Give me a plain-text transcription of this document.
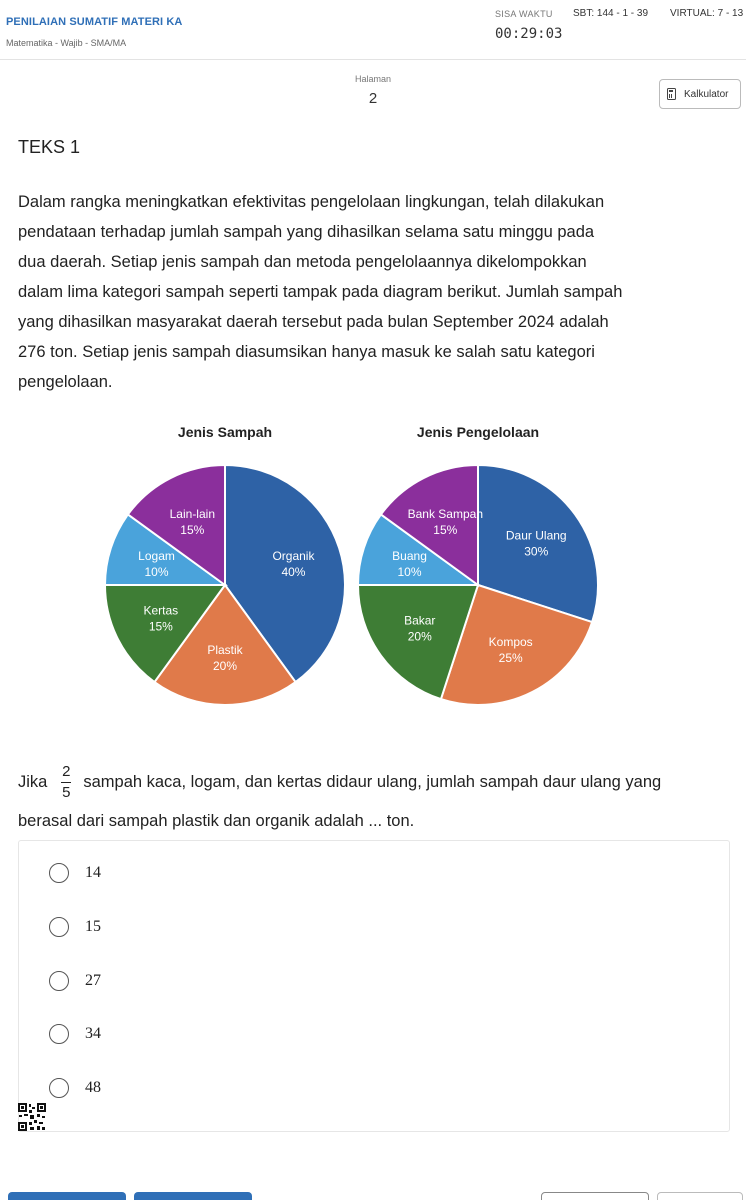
PENILAIAN SUMATIF MATERI KA
Matematika - Wajib - SMA/MA
SISA WAKTU
00:29:03
SBT: 144 - 1 - 39 VIRTUAL: 7 - 13
Halaman
2	Kalkulator
TEKS 1
Dalam rangka meningkatkan efektivitas pengelolaan lingkungan, telah dilakukan
pendataan terhadap jumlah sampah yang dihasilkan selama satu minggu pada
dua daerah. Setiap jenis sampah dan metoda pengelolaannya dikelompokkan
dalam lima kategori sampah seperti tampak pada diagram berikut. Jumlah sampah
yang dihasilkan masyarakat daerah tersebut pada bulan September 2024 adalah
276 ton. Setiap jenis sampah diasumsikan hanya masuk ke salah satu kategori
pengelolaan.
Jenis Sampah
Organik
40%
Plastik
20%
Kertas
15%
Logam
10%
Lain-lain
15%
Jenis Pengelolaan
Daur Ulang
30%
Kompos
25%
Bakar
20%
Buang
10%
Bank Sampah
15%
Jika $\frac{2}{5}$ sampah kaca, logam, dan kertas didaur ulang, jumlah sampah daur ulang yang
berasal dari sampah plastik dan organik adalah ... ton.
14
15
27
34
48
